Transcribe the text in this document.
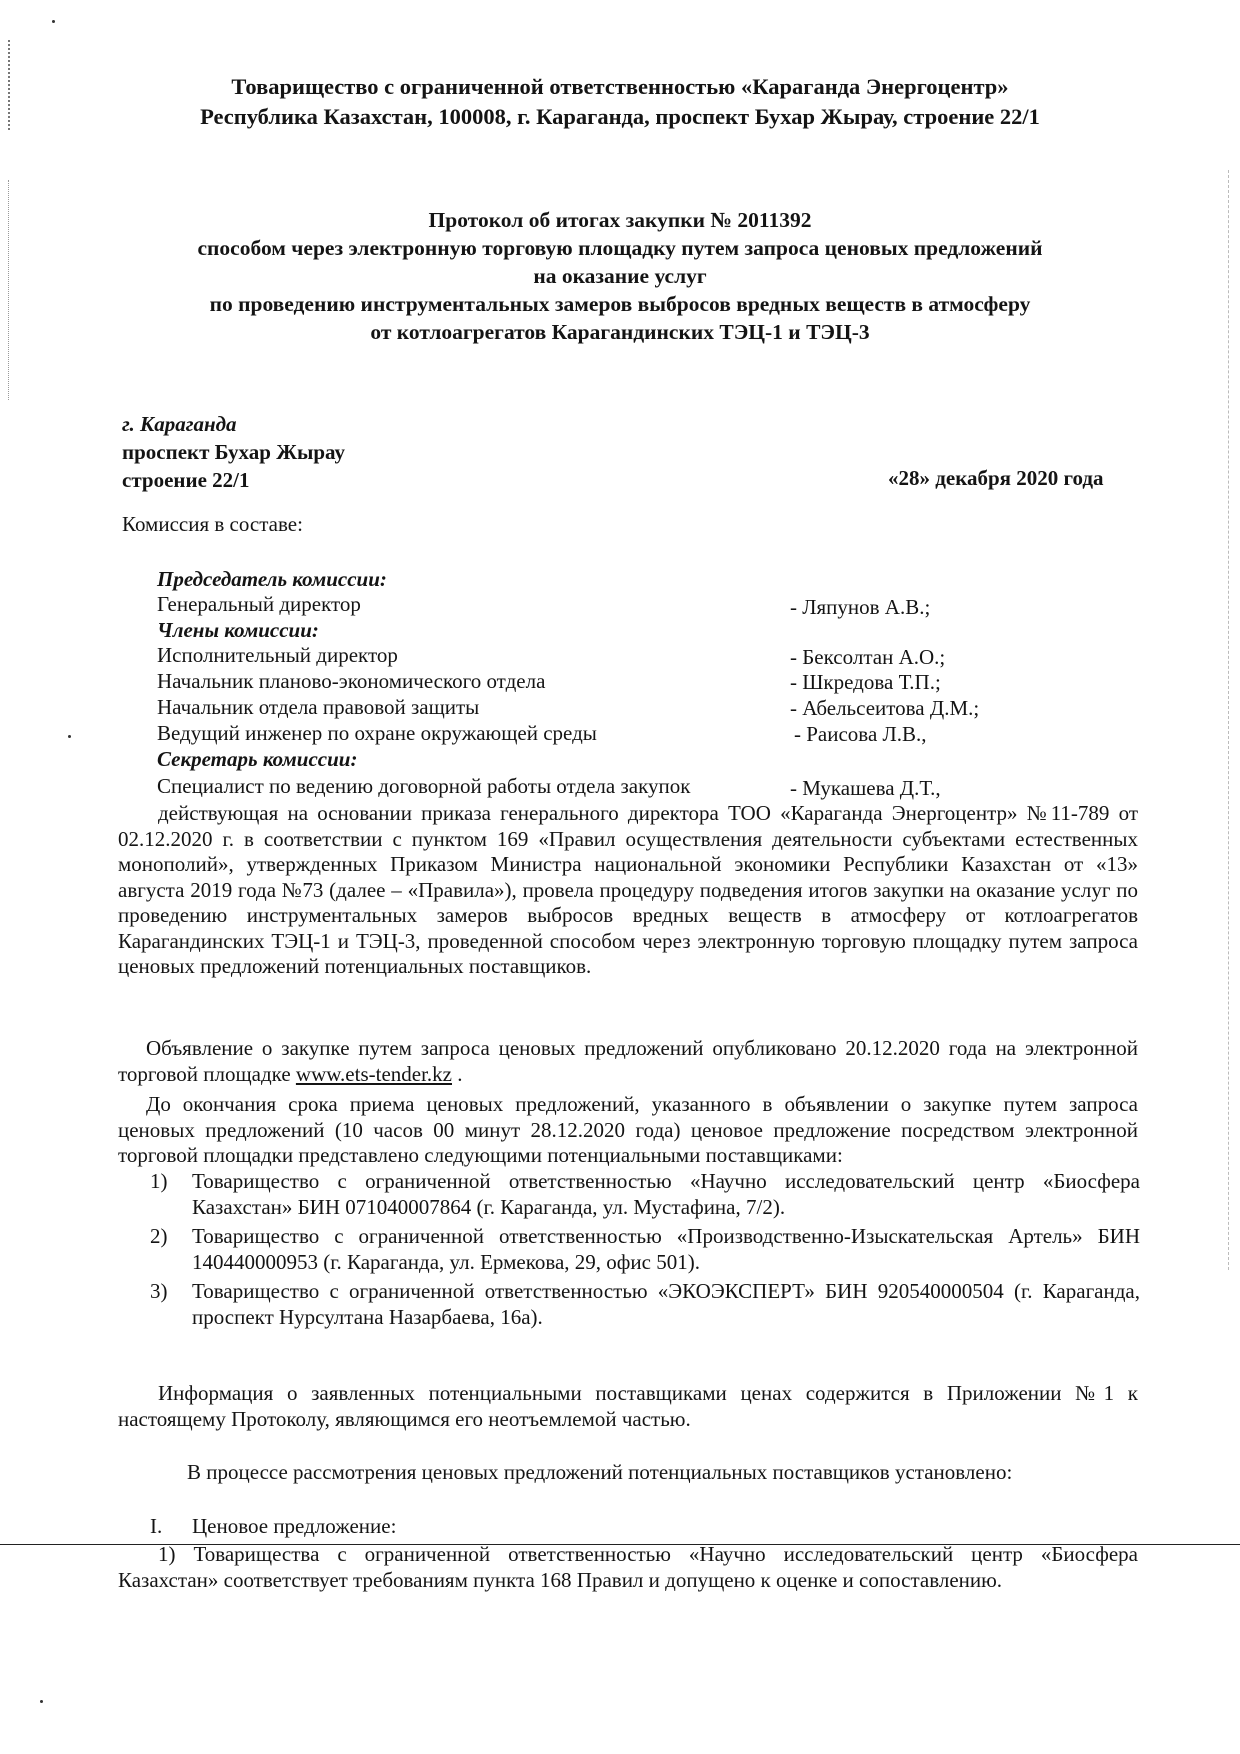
Товарищество с ограниченной ответственностью «Караганда Энергоцентр»
Республика Казахстан, 100008, г. Караганда, проспект Бухар Жырау, строение 22/1
Протокол об итогах закупки № 2011392
способом через электронную торговую площадку путем запроса ценовых предложений
на оказание услуг
по проведению инструментальных замеров выбросов вредных веществ в атмосферу
от котлоагрегатов Карагандинских ТЭЦ-1 и ТЭЦ-3
г. Караганда
проспект Бухар Жырау
строение 22/1	«28» декабря 2020 года
Комиссия в составе:
Председатель комиссии:
Генеральный директор	- Ляпунов А.В.;
Члены комиссии:
Исполнительный директор	- Бексолтан А.О.;
Начальник планово-экономического отдела	- Шкредова Т.П.;
Начальник отдела правовой защиты	- Абельсеитова Д.М.;
Ведущий инженер по охране окружающей среды	- Раисова Л.В.,
Секретарь комиссии:
Специалист по ведению договорной работы отдела закупок	- Мукашева Д.Т.,
действующая на основании приказа генерального директора ТОО «Караганда Энергоцентр» №11-789 от 02.12.2020 г. в соответствии с пунктом 169 «Правил осуществления деятельности субъектами естественных монополий», утвержденных Приказом Министра национальной экономики Республики Казахстан от «13» августа 2019 года №73 (далее – «Правила»), провела процедуру подведения итогов закупки на оказание услуг по проведению инструментальных замеров выбросов вредных веществ в атмосферу от котлоагрегатов Карагандинских ТЭЦ-1 и ТЭЦ-3, проведенной способом через электронную торговую площадку путем запроса ценовых предложений потенциальных поставщиков.
Объявление о закупке путем запроса ценовых предложений опубликовано 20.12.2020 года на электронной торговой площадке www.ets-tender.kz .
До окончания срока приема ценовых предложений, указанного в объявлении о закупке путем запроса ценовых предложений (10 часов 00 минут 28.12.2020 года) ценовое предложение посредством электронной торговой площадки представлено следующими потенциальными поставщиками:
1) Товарищество с ограниченной ответственностью «Научно исследовательский центр «Биосфера Казахстан» БИН 071040007864 (г. Караганда, ул. Мустафина, 7/2).
2) Товарищество с ограниченной ответственностью «Производственно-Изыскательская Артель» БИН 140440000953 (г. Караганда, ул. Ермекова, 29, офис 501).
3) Товарищество с ограниченной ответственностью «ЭКОЭКСПЕРТ» БИН 920540000504 (г. Караганда, проспект Нурсултана Назарбаева, 16а).
Информация о заявленных потенциальными поставщиками ценах содержится в Приложении №1 к настоящему Протоколу, являющимся его неотъемлемой частью.
В процессе рассмотрения ценовых предложений потенциальных поставщиков установлено:
I. Ценовое предложение:
1) Товарищества с ограниченной ответственностью «Научно исследовательский центр «Биосфера Казахстан» соответствует требованиям пункта 168 Правил и допущено к оценке и сопоставлению.
